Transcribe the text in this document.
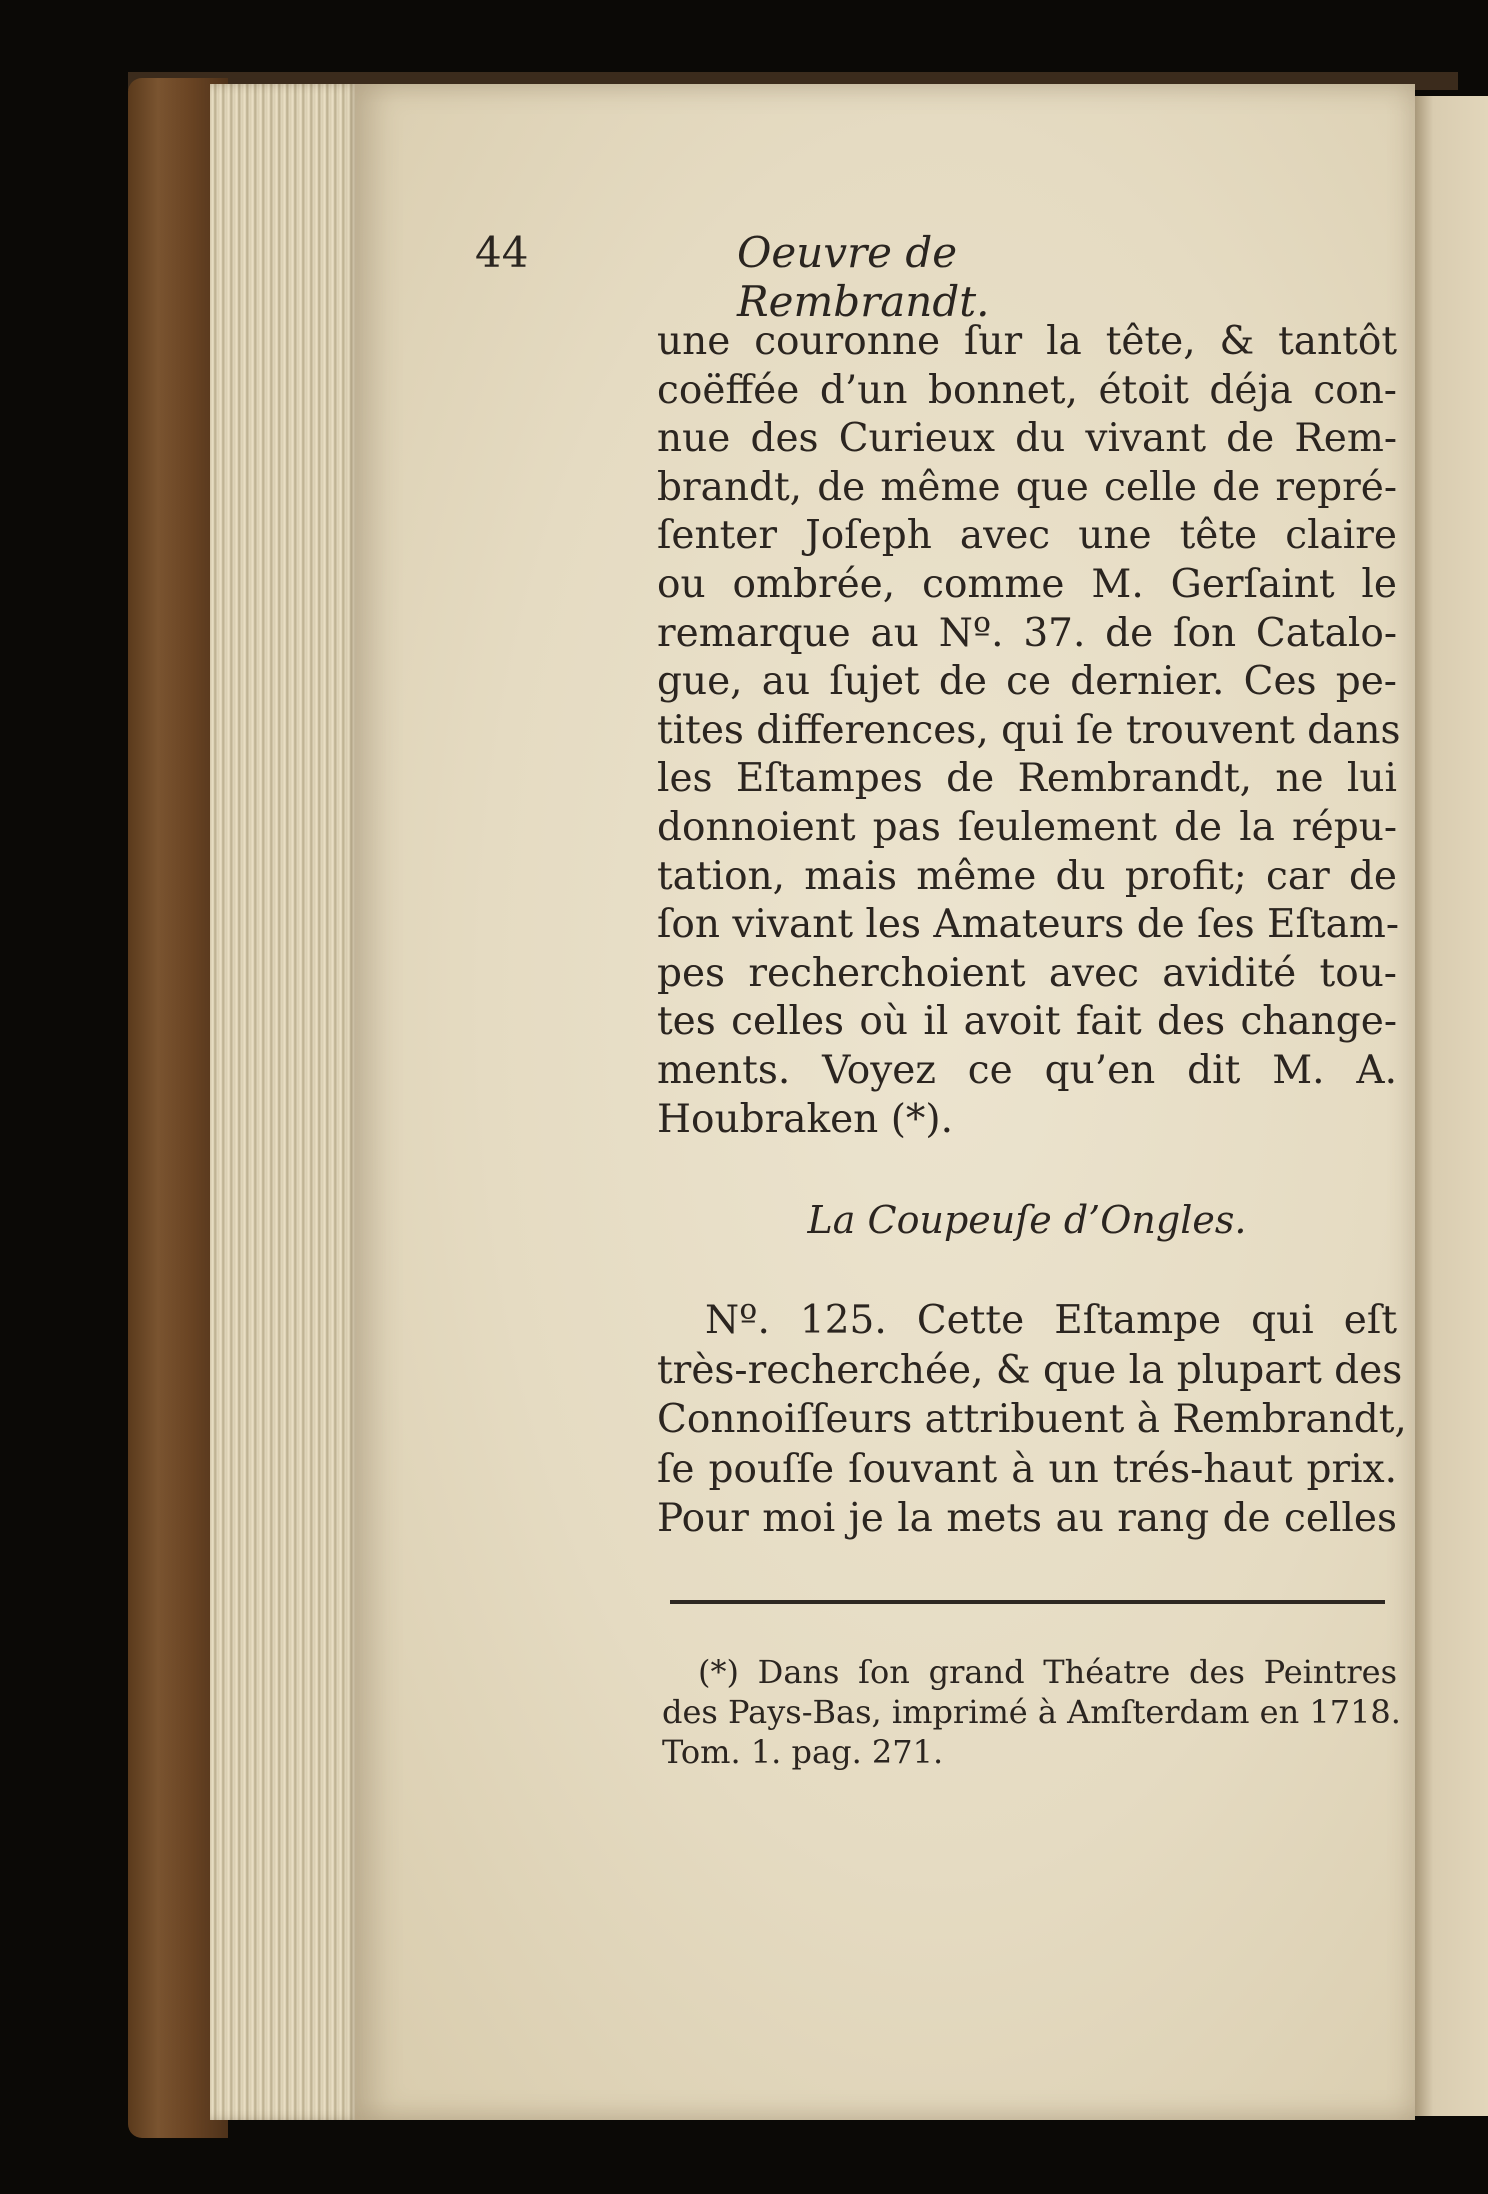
44	Oeuvre de Rembrandt.
une couronne ſur la tête, & tantôt
coëffée d’un bonnet, étoit déja con-
nue des Curieux du vivant de Rem-
brandt, de même que celle de repré-
ſenter Joſeph avec une tête claire
ou ombrée, comme M. Gerſaint le
remarque au Nº. 37. de ſon Catalo-
gue, au ſujet de ce dernier. Ces pe-
tites differences, qui ſe trouvent dans
les Eſtampes de Rembrandt, ne lui
donnoient pas ſeulement de la répu-
tation, mais même du profit; car de
ſon vivant les Amateurs de ſes Eſtam-
pes recherchoient avec avidité tou-
tes celles où il avoit fait des change-
ments. Voyez ce qu’en dit M. A.
Houbraken (*).
La Coupeuſe d’Ongles.
Nº. 125. Cette Eſtampe qui eſt
très-recherchée, & que la plupart des
Connoiſſeurs attribuent à Rembrandt,
ſe pouſſe ſouvant à un trés-haut prix.
Pour moi je la mets au rang de celles
(*) Dans ſon grand Théatre des Peintres
des Pays-Bas, imprimé à Amſterdam en 1718.
Tom. 1. pag. 271.
